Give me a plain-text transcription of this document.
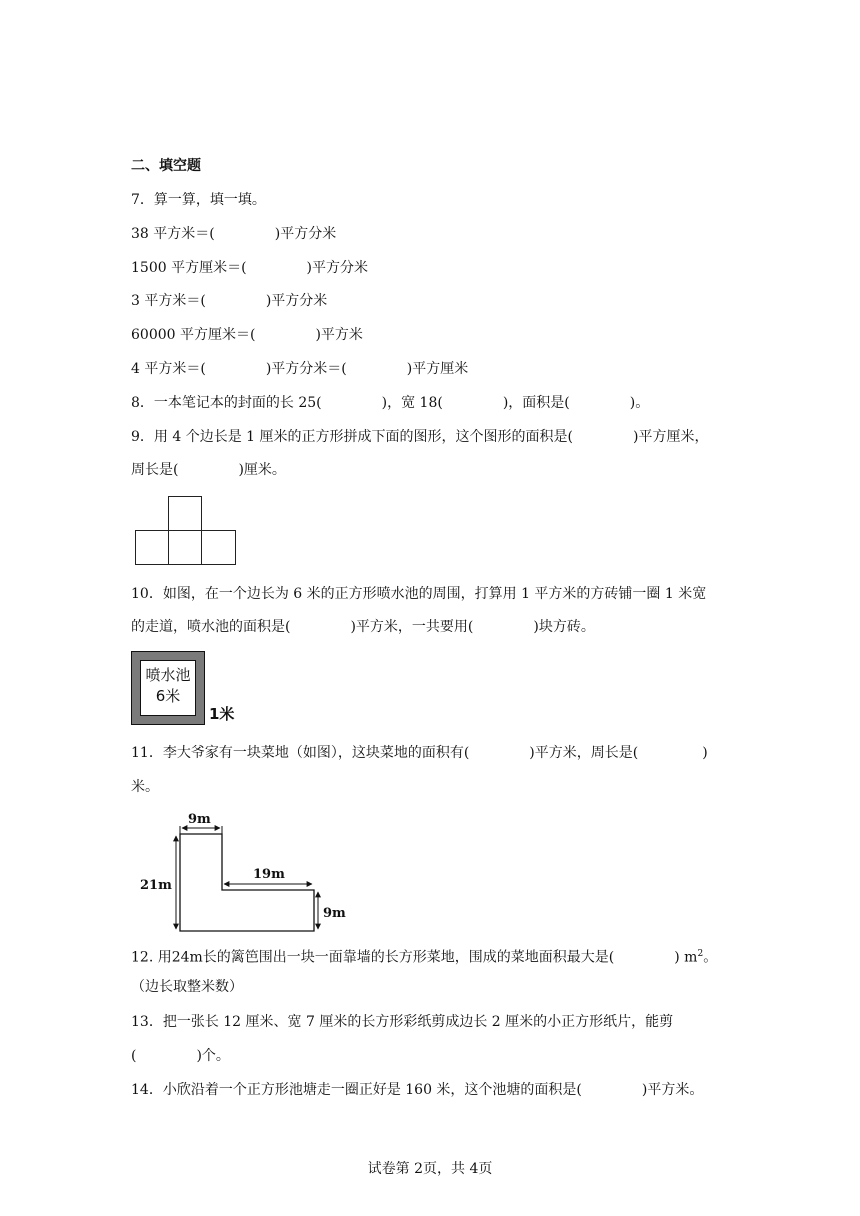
二、填空题
7．算一算，填一填。
38 平方米＝(	)平方分米
1500 平方厘米＝(	)平方分米
3 平方米＝(	)平方分米
60000 平方厘米＝(	)平方米
4 平方米＝(	)平方分米＝(	)平方厘米
8．一本笔记本的封面的长 25(	)，宽 18(	)，面积是(	)。
9．用 4 个边长是 1 厘米的正方形拼成下面的图形，这个图形的面积是(	)平方厘米，
周长是(	)厘米。
10．如图，在一个边长为 6 米的正方形喷水池的周围，打算用 1 平方米的方砖铺一圈 1 米宽
的走道，喷水池的面积是(	)平方米，一共要用(	)块方砖。
喷水池
6米
1米
11．李大爷家有一块菜地（如图），这块菜地的面积有(	)平方米，周长是(	)
米。
9m
19m
21m
9m
12. 用24m长的篱笆围出一块一面靠墙的长方形菜地，围成的菜地面积最大是(	) $m^2$。
（边长取整米数）
13．把一张长 12 厘米、宽 7 厘米的长方形彩纸剪成边长 2 厘米的小正方形纸片，能剪
(	)个。
14．小欣沿着一个正方形池塘走一圈正好是 160 米，这个池塘的面积是(	)平方米。
试卷第 2页，共 4页
